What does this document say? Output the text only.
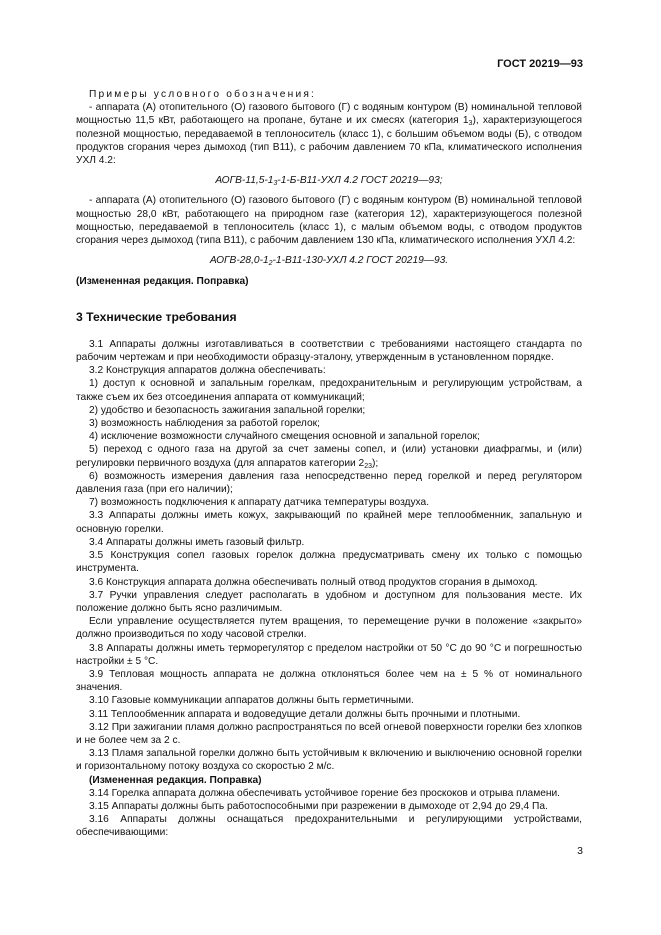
ГОСТ 20219—93

Примеры условного обозначения:

- аппарата (А) отопительного (О) газового бытового (Г) с водяным контуром (В) номинальной тепловой мощностью 11,5 кВт, работающего на пропане, бутане и их смесях (категория $1_3$), характеризующегося полезной мощностью, передаваемой в теплоноситель (класс 1), с большим объемом воды (Б), с отводом продуктов сгорания через дымоход (тип В11), с рабочим давлением 70 кПа, климатического исполнения УХЛ 4.2:

АОГВ-$11,5-1_3-1-Б-В11$-УХЛ 4.2 ГОСТ 20219—93;

- аппарата (А) отопительного (О) газового бытового (Г) с водяным контуром (В) номинальной тепловой мощностью 28,0 кВт, работающего на природном газе (категория 12), характеризующегося полезной мощностью, передаваемой в теплоноситель (класс 1), с малым объемом воды, с отводом продуктов сгорания через дымоход (типа В11), с рабочим давлением 130 кПа, климатического исполнения УХЛ 4.2:

АОГВ-$28,0-1_2-1-В11-130$-УХЛ 4.2 ГОСТ 20219—93.

(Измененная редакция. Поправка)

3 Технические требования

3.1 Аппараты должны изготавливаться в соответствии с требованиями настоящего стандарта по рабочим чертежам и при необходимости образцу-эталону, утвержденным в установленном порядке.

3.2 Конструкция аппаратов должна обеспечивать:

1) доступ к основной и запальным горелкам, предохранительным и регулирующим устройствам, а также съем их без отсоединения аппарата от коммуникаций;

2) удобство и безопасность зажигания запальной горелки;

3) возможность наблюдения за работой горелок;

4) исключение возможности случайного смещения основной и запальной горелок;

5) переход с одного газа на другой за счет замены сопел, и (или) установки диафрагмы, и (или) регулировки первичного воздуха (для аппаратов категории $2_{23}$);

6) возможность измерения давления газа непосредственно перед горелкой и перед регулятором давления газа (при его наличии);

7) возможность подключения к аппарату датчика температуры воздуха.

3.3 Аппараты должны иметь кожух, закрывающий по крайней мере теплообменник, запальную и основную горелки.

3.4 Аппараты должны иметь газовый фильтр.

3.5 Конструкция сопел газовых горелок должна предусматривать смену их только с помощью инструмента.

3.6 Конструкция аппарата должна обеспечивать полный отвод продуктов сгорания в дымоход.

3.7 Ручки управления следует располагать в удобном и доступном для пользования месте. Их положение должно быть ясно различимым.

Если управление осуществляется путем вращения, то перемещение ручки в положение «закрыто» должно производиться по ходу часовой стрелки.

3.8 Аппараты должны иметь терморегулятор с пределом настройки от 50 °С до 90 °С и погрешностью настройки ± 5 °С.

3.9 Тепловая мощность аппарата не должна отклоняться более чем на ± 5 % от номинального значения.

3.10 Газовые коммуникации аппаратов должны быть герметичными.

3.11 Теплообменник аппарата и водоведущие детали должны быть прочными и плотными.

3.12 При зажигании пламя должно распространяться по всей огневой поверхности горелки без хлопков и не более чем за 2 с.

3.13 Пламя запальной горелки должно быть устойчивым к включению и выключению основной горелки и горизонтальному потоку воздуха со скоростью 2 м/с.

(Измененная редакция. Поправка)

3.14 Горелка аппарата должна обеспечивать устойчивое горение без проскоков и отрыва пламени.

3.15 Аппараты должны быть работоспособными при разрежении в дымоходе от 2,94 до 29,4 Па.

3.16 Аппараты должны оснащаться предохранительными и регулирующими устройствами, обеспечивающими:

3
